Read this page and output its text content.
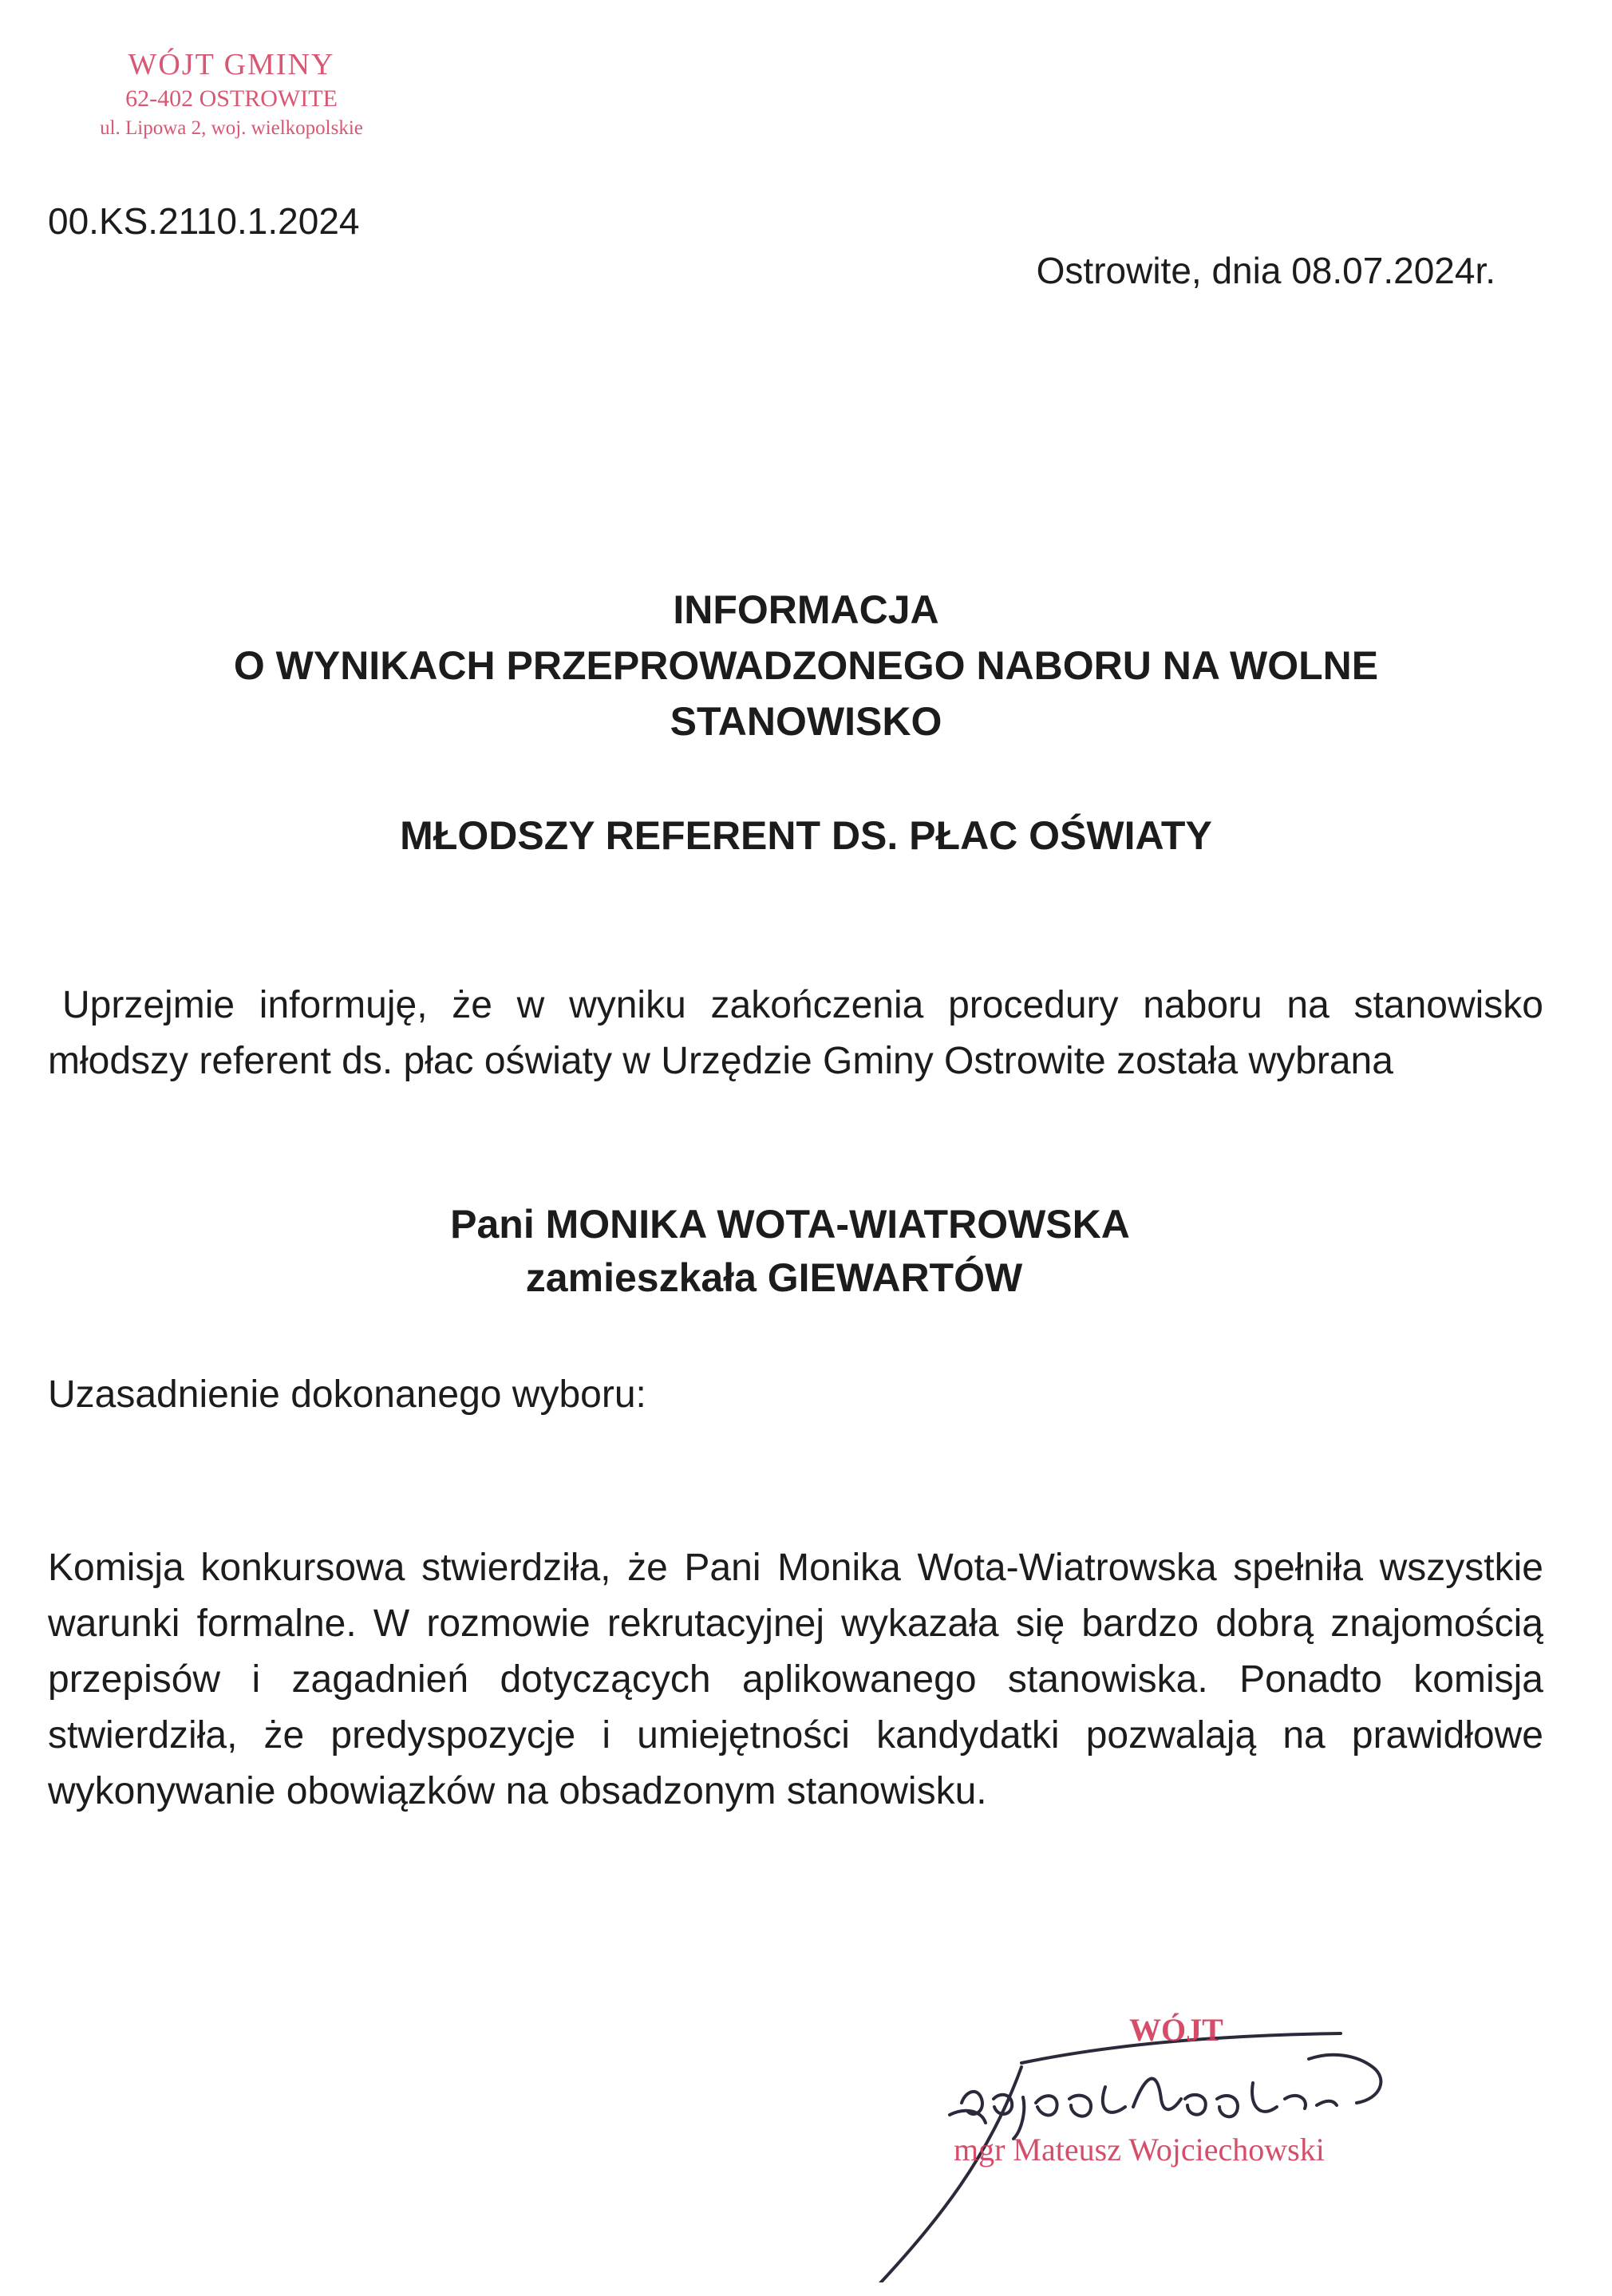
WÓJT GMINY
62-402 OSTROWITE
ul. Lipowa 2, woj. wielkopolskie
00.KS.2110.1.2024
Ostrowite, dnia 08.07.2024r.
INFORMACJA
O WYNIKACH PRZEPROWADZONEGO NABORU NA WOLNE
STANOWISKO
MŁODSZY REFERENT DS. PŁAC OŚWIATY
Uprzejmie informuję, że w wyniku zakończenia procedury naboru na stanowisko młodszy referent ds. płac oświaty w Urzędzie Gminy Ostrowite została wybrana
Pani MONIKA WOTA-WIATROWSKA
zamieszkała GIEWARTÓW
Uzasadnienie dokonanego wyboru:
Komisja konkursowa stwierdziła, że Pani Monika Wota-Wiatrowska spełniła wszystkie warunki formalne. W rozmowie rekrutacyjnej wykazała się bardzo dobrą znajomością przepisów i zagadnień dotyczących aplikowanego stanowiska. Ponadto komisja stwierdziła, że predyspozycje i umiejętności kandydatki pozwalają na prawidłowe wykonywanie obowiązków na obsadzonym stanowisku.
WÓJT
mgr Mateusz Wojciechowski
